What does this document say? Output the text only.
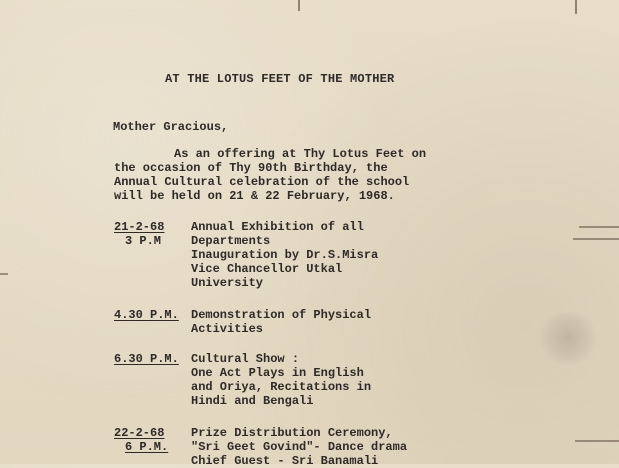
AT THE LOTUS FEET OF THE MOTHER
Mother Gracious,
As an offering at Thy Lotus Feet on
the occasion of Thy 90th Birthday, the
Annual Cultural celebration of the school
will be held on 21 & 22 February, 1968.
21-2-68
3 P.M
Annual Exhibition of all
Departments
Inauguration by Dr.S.Misra
Vice Chancellor Utkal
University
4.30 P.M.	Demonstration of Physical
Activities
6.30 P.M.	Cultural Show :
One Act Plays in English
and Oriya, Recitations in
Hindi and Bengali
22-2-68
6 P.M.
Prize Distribution Ceremony,
"Sri Geet Govind"- Dance drama
Chief Guest - Sri Banamali
